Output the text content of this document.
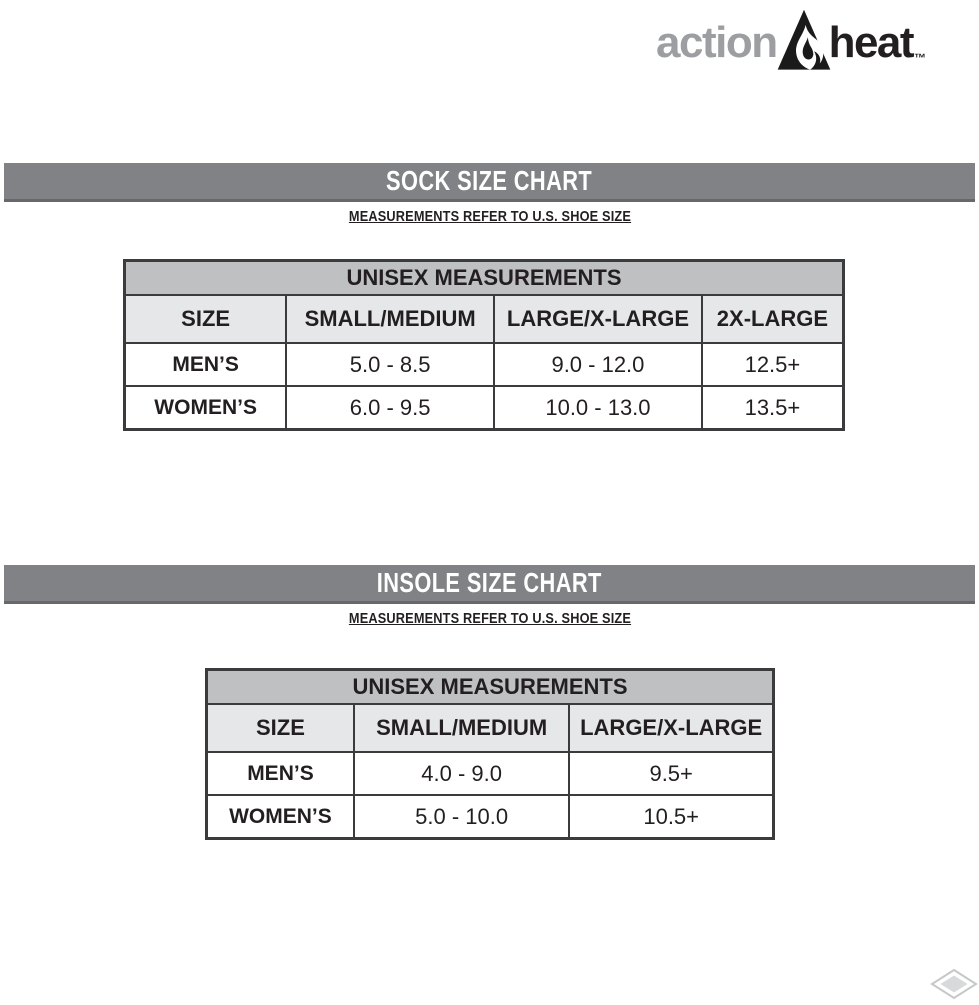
action heat ™
SOCK SIZE CHART
MEASUREMENTS REFER TO U.S. SHOE SIZE
UNISEX MEASUREMENTS			
SIZE	SMALL/MEDIUM	LARGE/X-LARGE	2X-LARGE
MEN’S	5.0 - 8.5	9.0 - 12.0	12.5+
WOMEN’S	6.0 - 9.5	10.0 - 13.0	13.5+
INSOLE SIZE CHART
MEASUREMENTS REFER TO U.S. SHOE SIZE
UNISEX MEASUREMENTS		
SIZE	SMALL/MEDIUM	LARGE/X-LARGE
MEN’S	4.0 - 9.0	9.5+
WOMEN’S	5.0 - 10.0	10.5+
